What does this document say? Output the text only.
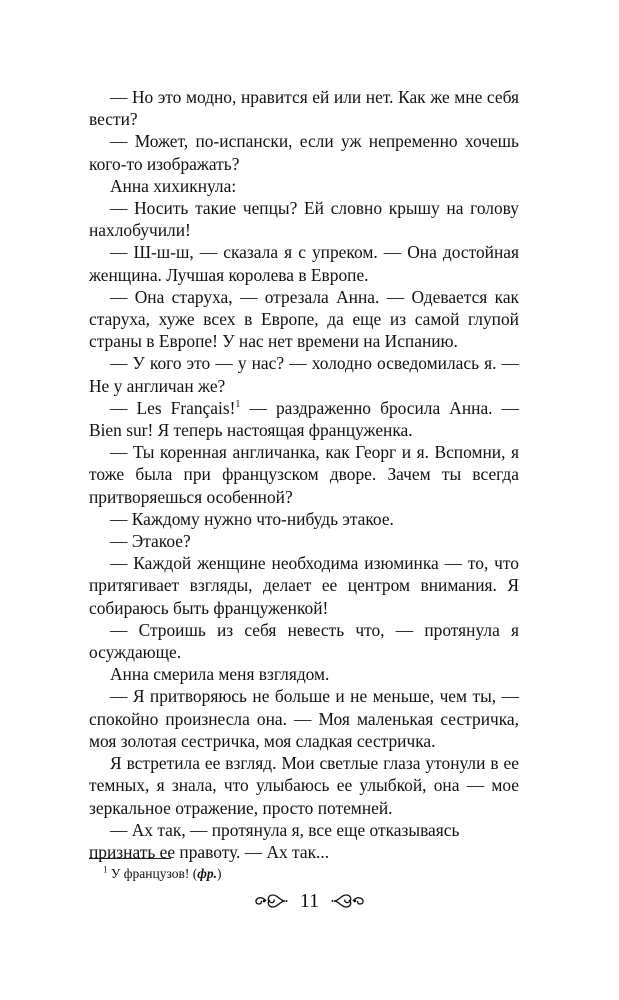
— Но это модно, нравится ей или нет. Как же мне себя вести?

— Может, по-испански, если уж непременно хочешь кого-то изображать?

Анна хихикнула:

— Носить такие чепцы? Ей словно крышу на голову нахлобучили!

— Ш-ш-ш, — сказала я с упреком. — Она достойная женщина. Лучшая королева в Европе.

— Она старуха, — отрезала Анна. — Одевается как старуха, хуже всех в Европе, да еще из самой глупой страны в Европе! У нас нет времени на Испанию.

— У кого это — у нас? — холодно осведомилась я. — Не у англичан же?

— Les Français!$^1$ — раздраженно бросила Анна. — Bien sur! Я теперь настоящая француженка.

— Ты коренная англичанка, как Георг и я. Вспомни, я тоже была при французском дворе. Зачем ты всегда притворяешься особенной?

— Каждому нужно что-нибудь этакое.

— Этакое?

— Каждой женщине необходима изюминка — то, что притягивает взгляды, делает ее центром внимания. Я собираюсь быть француженкой!

— Строишь из себя невесть что, — протянула я осуждающе.

Анна смерила меня взглядом.

— Я притворяюсь не больше и не меньше, чем ты, — спокойно произнесла она. — Моя маленькая сестричка, моя золотая сестричка, моя сладкая сестричка.

Я встретила ее взгляд. Мои светлые глаза утонули в ее темных, я знала, что улыбаюсь ее улыбкой, она — мое зеркальное отражение, просто потемней.

— Ах так, — протянула я, все еще отказываясь признать ее правоту. — Ах так...

$^1$ У французов! (фр.)
11
